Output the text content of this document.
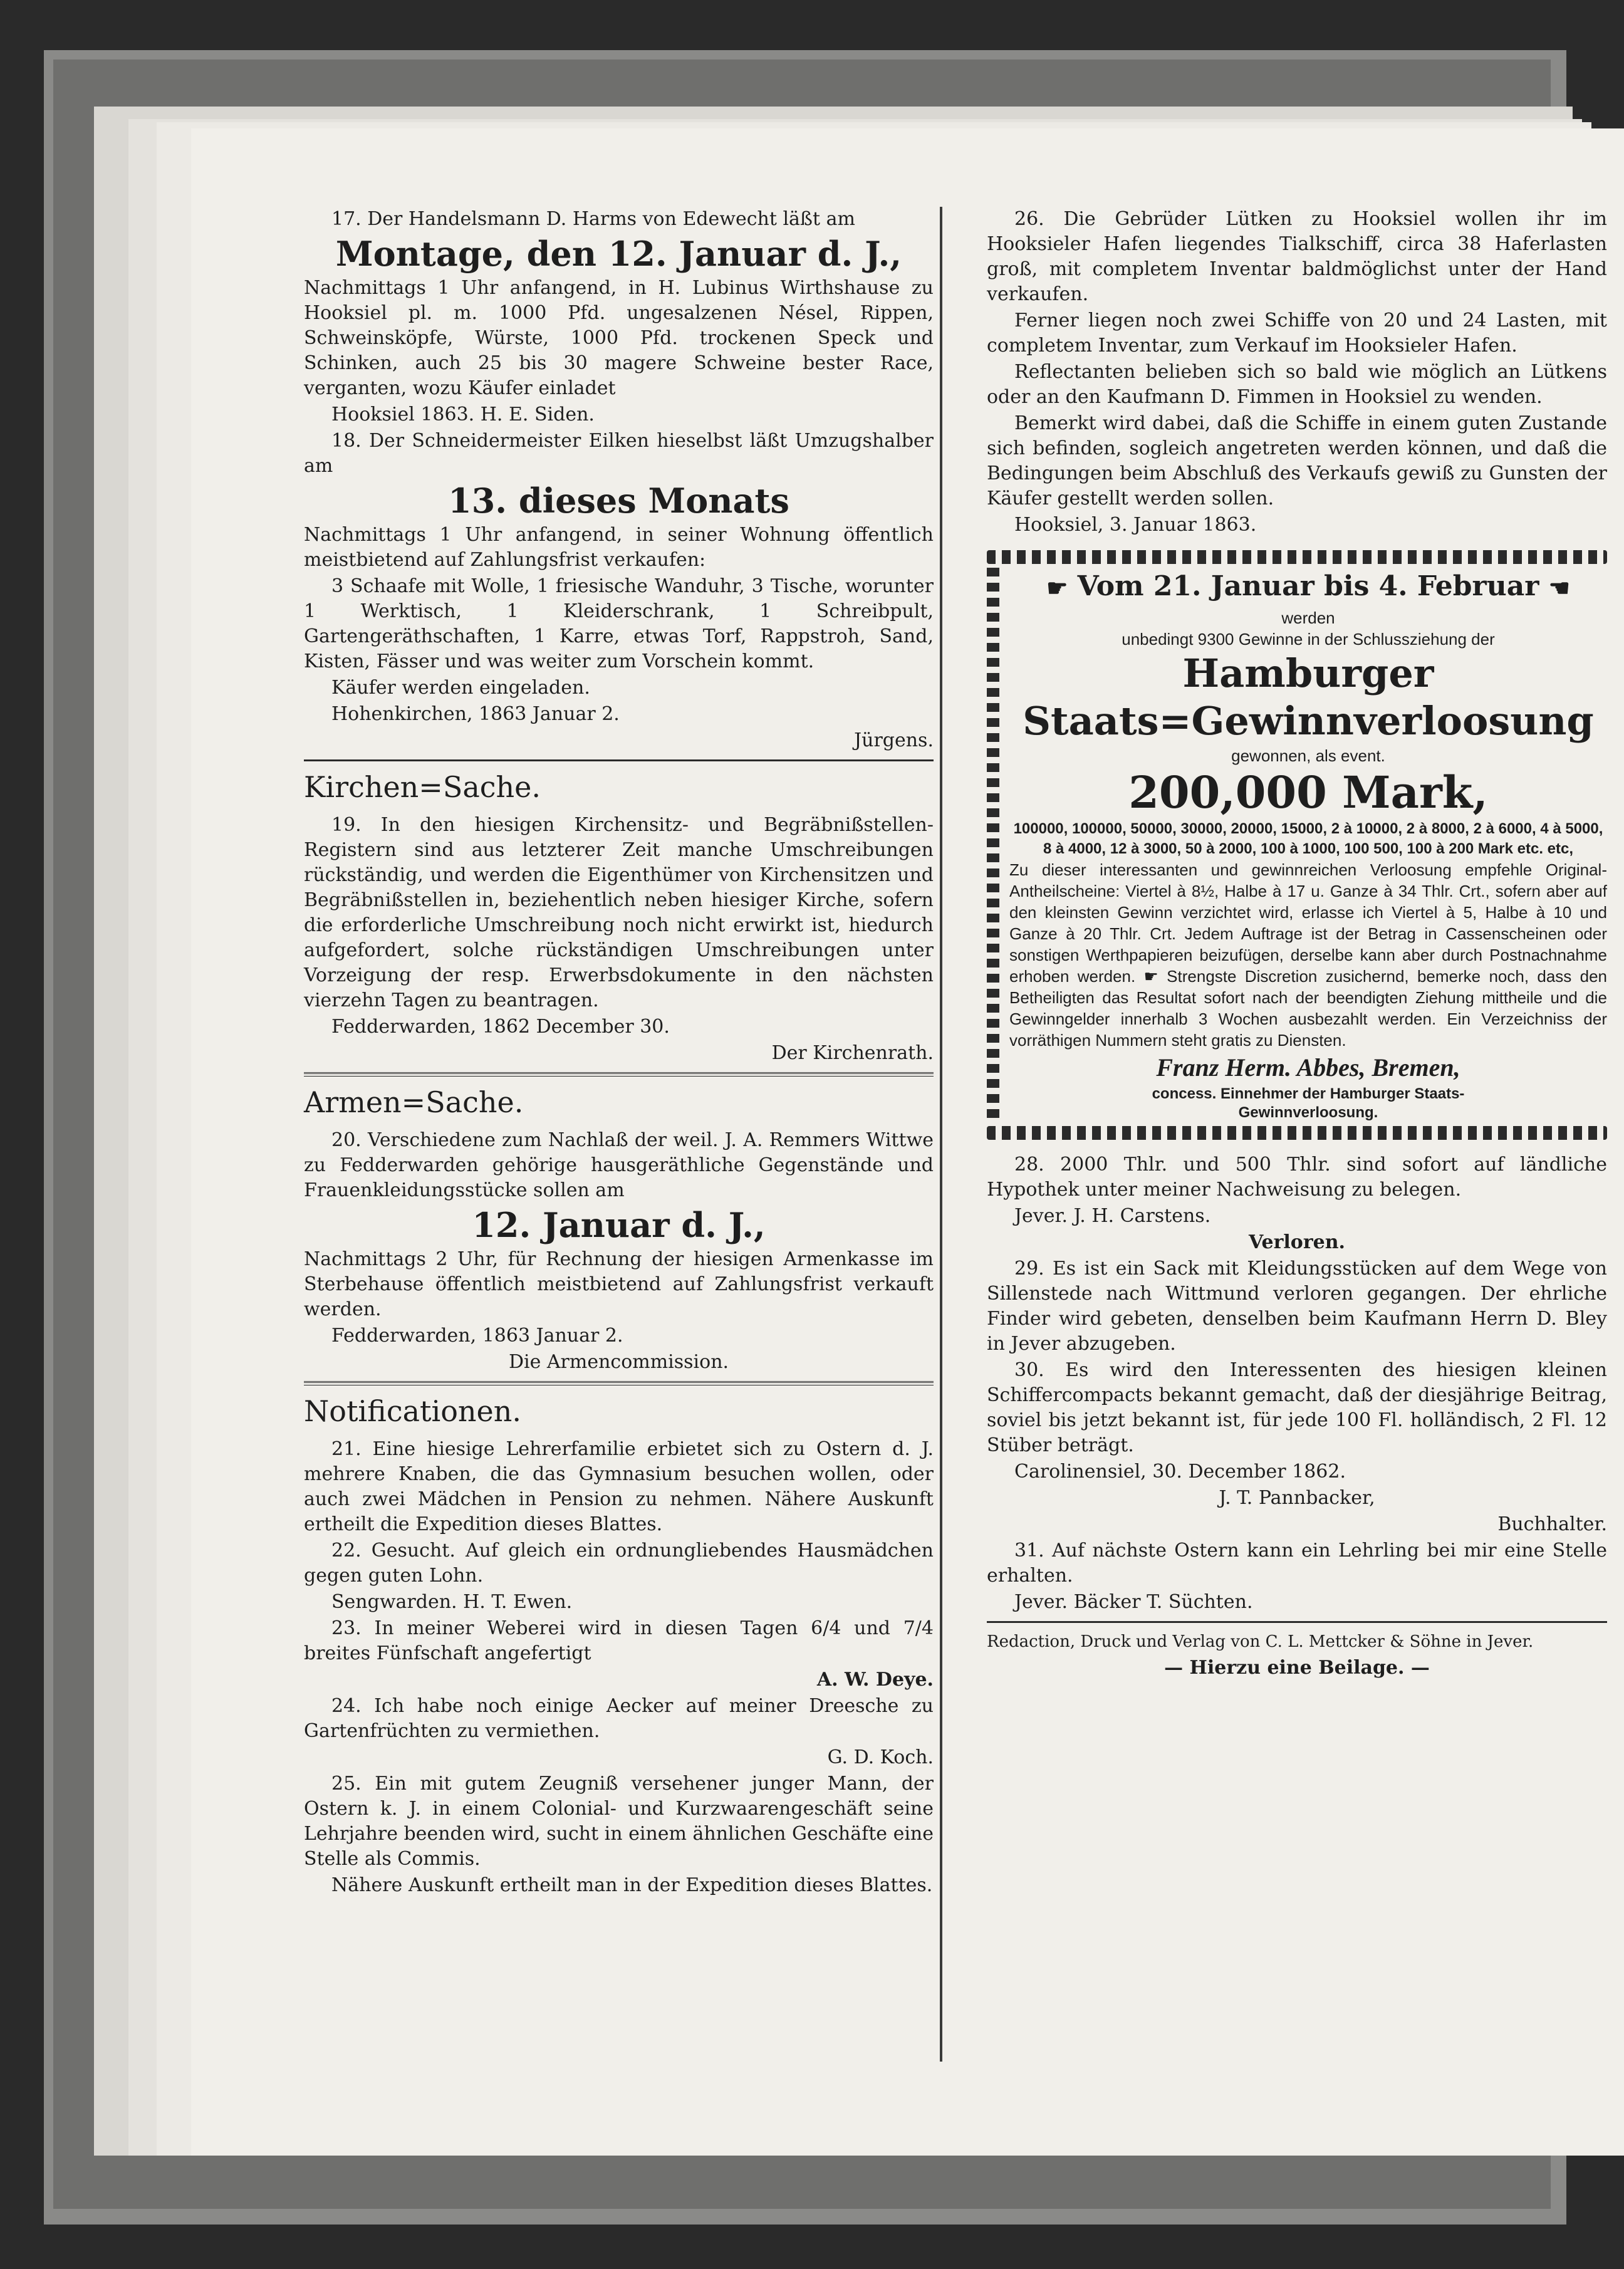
17. Der Handelsmann D. Harms von Edewecht läßt am

Montage, den 12. Januar d. J.,

Nachmittags 1 Uhr anfangend, in H. Lubinus Wirthshause zu Hooksiel pl. m. 1000 Pfd. ungesalzenen Nésel, Rippen, Schweinsköpfe, Würste, 1000 Pfd. trockenen Speck und Schinken, auch 25 bis 30 magere Schweine bester Race, verganten, wozu Käufer einladet

Hooksiel 1863. H. E. Siden.

18. Der Schneidermeister Eilken hieselbst läßt Umzugshalber am

13. dieses Monats

Nachmittags 1 Uhr anfangend, in seiner Wohnung öffentlich meistbietend auf Zahlungsfrist verkaufen:

3 Schaafe mit Wolle, 1 friesische Wanduhr, 3 Tische, worunter 1 Werktisch, 1 Kleiderschrank, 1 Schreibpult, Gartengeräthschaften, 1 Karre, etwas Torf, Rappstroh, Sand, Kisten, Fässer und was weiter zum Vorschein kommt.

Käufer werden eingeladen.

Hohenkirchen, 1863 Januar 2.

Jürgens.

Kirchen=Sache.

19. In den hiesigen Kirchensitz- und Begräbnißstellen-Registern sind aus letzterer Zeit manche Umschreibungen rückständig, und werden die Eigenthümer von Kirchensitzen und Begräbnißstellen in, beziehentlich neben hiesiger Kirche, sofern die erforderliche Umschreibung noch nicht erwirkt ist, hiedurch aufgefordert, solche rückständigen Umschreibungen unter Vorzeigung der resp. Erwerbsdokumente in den nächsten vierzehn Tagen zu beantragen.

Fedderwarden, 1862 December 30.

Der Kirchenrath.

Armen=Sache.

20. Verschiedene zum Nachlaß der weil. J. A. Remmers Wittwe zu Fedderwarden gehörige hausgeräthliche Gegenstände und Frauenkleidungsstücke sollen am

12. Januar d. J.,

Nachmittags 2 Uhr, für Rechnung der hiesigen Armenkasse im Sterbehause öffentlich meistbietend auf Zahlungsfrist verkauft werden.

Fedderwarden, 1863 Januar 2.

Die Armencommission.

Notificationen.

21. Eine hiesige Lehrerfamilie erbietet sich zu Ostern d. J. mehrere Knaben, die das Gymnasium besuchen wollen, oder auch zwei Mädchen in Pension zu nehmen. Nähere Auskunft ertheilt die Expedition dieses Blattes.

22. Gesucht. Auf gleich ein ordnungliebendes Hausmädchen gegen guten Lohn.

Sengwarden. H. T. Ewen.

23. In meiner Weberei wird in diesen Tagen 6/4 und 7/4 breites Fünfschaft angefertigt

A. W. Deye.

24. Ich habe noch einige Aecker auf meiner Dreesche zu Gartenfrüchten zu vermiethen.

G. D. Koch.

25. Ein mit gutem Zeugniß versehener junger Mann, der Ostern k. J. in einem Colonial- und Kurzwaarengeschäft seine Lehrjahre beenden wird, sucht in einem ähnlichen Geschäfte eine Stelle als Commis.

Nähere Auskunft ertheilt man in der Expedition dieses Blattes.

26. Die Gebrüder Lütken zu Hooksiel wollen ihr im Hooksieler Hafen liegendes Tialkschiff, circa 38 Haferlasten groß, mit completem Inventar baldmöglichst unter der Hand verkaufen.

Ferner liegen noch zwei Schiffe von 20 und 24 Lasten, mit completem Inventar, zum Verkauf im Hooksieler Hafen.

Reflectanten belieben sich so bald wie möglich an Lütkens oder an den Kaufmann D. Fimmen in Hooksiel zu wenden.

Bemerkt wird dabei, daß die Schiffe in einem guten Zustande sich befinden, sogleich angetreten werden können, und daß die Bedingungen beim Abschluß des Verkaufs gewiß zu Gunsten der Käufer gestellt werden sollen.

Hooksiel, 3. Januar 1863.

☛ Vom 21. Januar bis 4. Februar ☚
werden
unbedingt 9300 Gewinne in der Schlussziehung der
Hamburger
Staats=Gewinnverloosung
gewonnen, als event.
200,000 Mark,
100000, 100000, 50000, 30000, 20000, 15000, 2 à 10000, 2 à 8000, 2 à 6000, 4 à 5000, 8 à 4000, 12 à 3000, 50 à 2000, 100 à 1000, 100 500, 100 à 200 Mark etc. etc,
Zu dieser interessanten und gewinnreichen Verloosung empfehle Original-Antheilscheine: Viertel à 8½, Halbe à 17 u. Ganze à 34 Thlr. Crt., sofern aber auf den kleinsten Gewinn verzichtet wird, erlasse ich Viertel à 5, Halbe à 10 und Ganze à 20 Thlr. Crt. Jedem Auftrage ist der Betrag in Cassenscheinen oder sonstigen Werthpapieren beizufügen, derselbe kann aber durch Postnachnahme erhoben werden. ☛ Strengste Discretion zusichernd, bemerke noch, dass den Betheiligten das Resultat sofort nach der beendigten Ziehung mittheile und die Gewinngelder innerhalb 3 Wochen ausbezahlt werden. Ein Verzeichniss der vorräthigen Nummern steht gratis zu Diensten.
Franz Herm. Abbes, Bremen,
concess. Einnehmer der Hamburger Staats-
Gewinnverloosung.

28. 2000 Thlr. und 500 Thlr. sind sofort auf ländliche Hypothek unter meiner Nachweisung zu belegen.

Jever. J. H. Carstens.

Verloren.

29. Es ist ein Sack mit Kleidungsstücken auf dem Wege von Sillenstede nach Wittmund verloren gegangen. Der ehrliche Finder wird gebeten, denselben beim Kaufmann Herrn D. Bley in Jever abzugeben.

30. Es wird den Interessenten des hiesigen kleinen Schiffercompacts bekannt gemacht, daß der diesjährige Beitrag, soviel bis jetzt bekannt ist, für jede 100 Fl. holländisch, 2 Fl. 12 Stüber beträgt.

Carolinensiel, 30. December 1862.

J. T. Pannbacker,

Buchhalter.

31. Auf nächste Ostern kann ein Lehrling bei mir eine Stelle erhalten.

Jever. Bäcker T. Süchten.

Redaction, Druck und Verlag von C. L. Mettcker & Söhne in Jever.

— Hierzu eine Beilage. —
